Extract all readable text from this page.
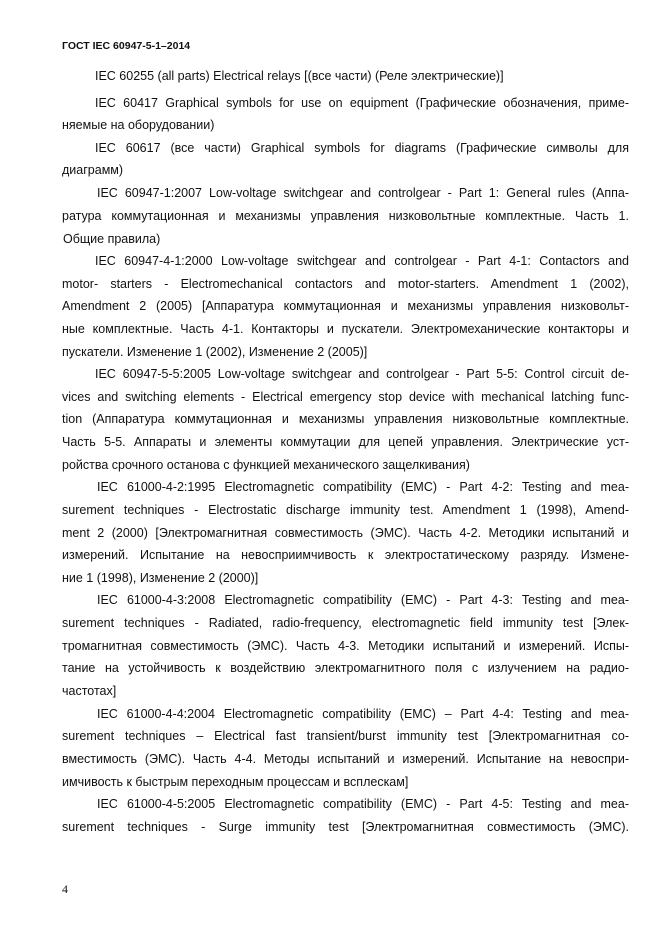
ГОСТ IEC 60947-5-1–2014
IEC 60255 (all parts) Electrical relays [(все части) (Реле электрические)]
IEC 60417 Graphical symbols for use on equipment (Графические обозначения, приме-
няемые на оборудовании)
IEC 60617 (все части) Graphical symbols for diagrams (Графические символы для
диаграмм)
IEC 60947-1:2007 Low-voltage switchgear and controlgear - Part 1: General rules (Аппа-
ратура коммутационная и механизмы управления низковольтные комплектные. Часть 1.
Общие правила)
IEC 60947-4-1:2000 Low-voltage switchgear and controlgear - Part 4-1: Contactors and
motor- starters - Electromechanical contactors and motor-starters. Amendment 1 (2002),
Amendment 2 (2005) [Аппаратура коммутационная и механизмы управления низковольт-
ные комплектные. Часть 4-1. Контакторы и пускатели. Электромеханические контакторы и
пускатели. Изменение 1 (2002), Изменение 2 (2005)]
IEC 60947-5-5:2005 Low-voltage switchgear and controlgear - Part 5-5: Control circuit de-
vices and switching elements - Electrical emergency stop device with mechanical latching func-
tion (Аппаратура коммутационная и механизмы управления низковольтные комплектные.
Часть 5-5. Аппараты и элементы коммутации для цепей управления. Электрические уст-
ройства срочного останова с функцией механического защелкивания)
IEC 61000-4-2:1995 Electromagnetic compatibility (EMC) - Part 4-2: Testing and mea-
surement techniques - Electrostatic discharge immunity test. Amendment 1 (1998), Amend-
ment 2 (2000) [Электромагнитная совместимость (ЭМС). Часть 4-2. Методики испытаний и
измерений. Испытание на невосприимчивость к электростатическому разряду. Измене-
ние 1 (1998), Изменение 2 (2000)]
IEC 61000-4-3:2008 Electromagnetic compatibility (EMC) - Part 4-3: Testing and mea-
surement techniques - Radiated, radio-frequency, electromagnetic field immunity test [Элек-
тромагнитная совместимость (ЭМС). Часть 4-3. Методики испытаний и измерений. Испы-
тание на устойчивость к воздействию электромагнитного поля с излучением на радио-
частотах]
IEC 61000-4-4:2004 Electromagnetic compatibility (EMC) – Part 4-4: Testing and mea-
surement techniques – Electrical fast transient/burst immunity test [Электромагнитная со-
вместимость (ЭМС). Часть 4-4. Методы испытаний и измерений. Испытание на невоспри-
имчивость к быстрым переходным процессам и всплескам]
IEC 61000-4-5:2005 Electromagnetic compatibility (EMC) - Part 4-5: Testing and mea-
surement techniques - Surge immunity test [Электромагнитная совместимость (ЭМС).
4
